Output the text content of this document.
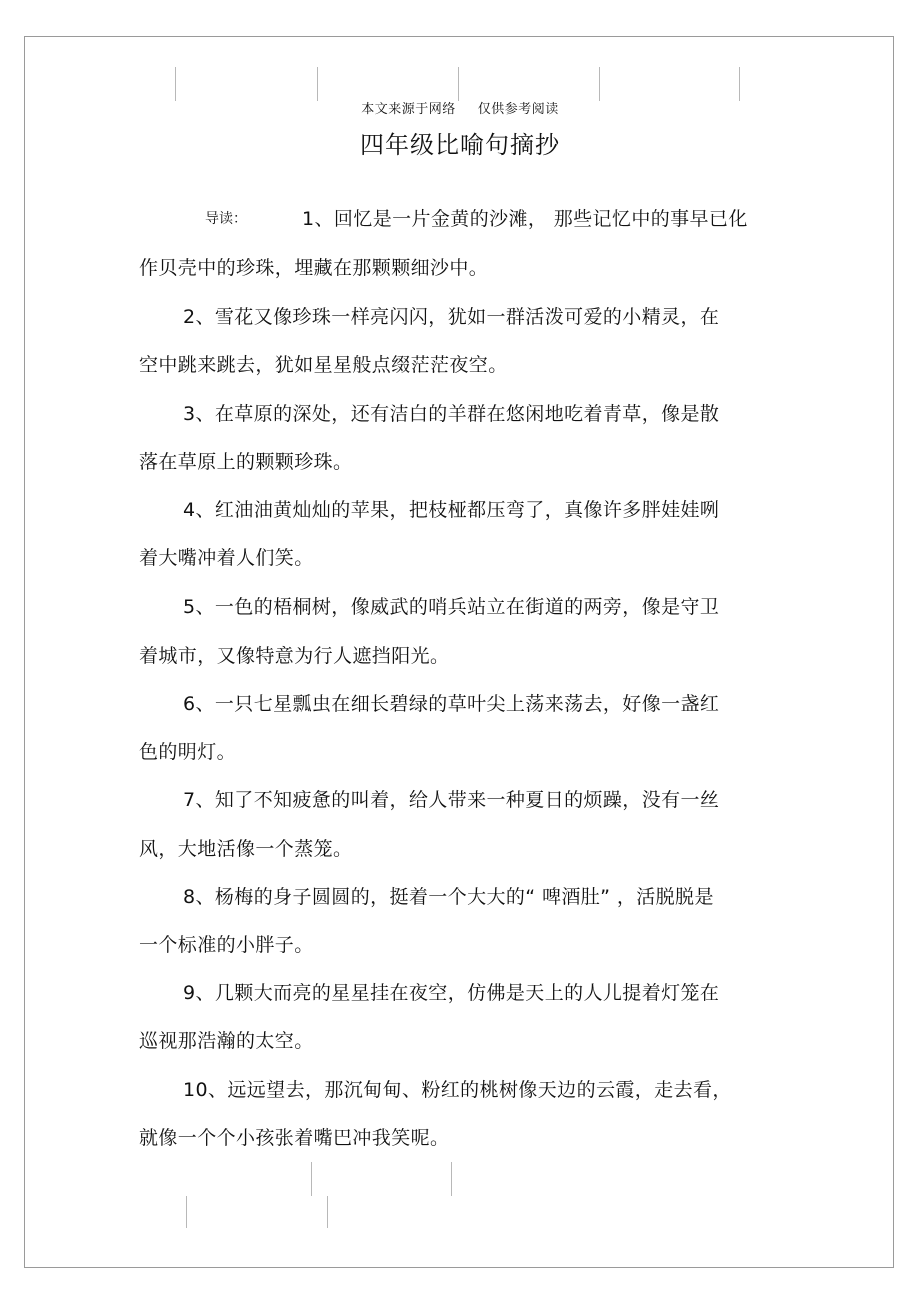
本文来源于网络 仅供参考阅读
四年级比喻句摘抄
导读：	1、回忆是一片金黄的沙滩， 那些记忆中的事早已化
作贝壳中的珍珠，埋藏在那颗颗细沙中。
2、雪花又像珍珠一样亮闪闪，犹如一群活泼可爱的小精灵，在
空中跳来跳去，犹如星星般点缀茫茫夜空。
3、在草原的深处，还有洁白的羊群在悠闲地吃着青草，像是散
落在草原上的颗颗珍珠。
4、红油油黄灿灿的苹果，把枝桠都压弯了，真像许多胖娃娃咧
着大嘴冲着人们笑。
5、一色的梧桐树，像威武的哨兵站立在街道的两旁，像是守卫
着城市，又像特意为行人遮挡阳光。
6、一只七星瓢虫在细长碧绿的草叶尖上荡来荡去，好像一盏红
色的明灯。
7、知了不知疲惫的叫着，给人带来一种夏日的烦躁，没有一丝
风，大地活像一个蒸笼。
8、杨梅的身子圆圆的，挺着一个大大的“ 啤酒肚” ，活脱脱是
一个标准的小胖子。
9、几颗大而亮的星星挂在夜空，仿佛是天上的人儿提着灯笼在
巡视那浩瀚的太空。
10、远远望去，那沉甸甸、粉红的桃树像天边的云霞，走去看，
就像一个个小孩张着嘴巴冲我笑呢。
